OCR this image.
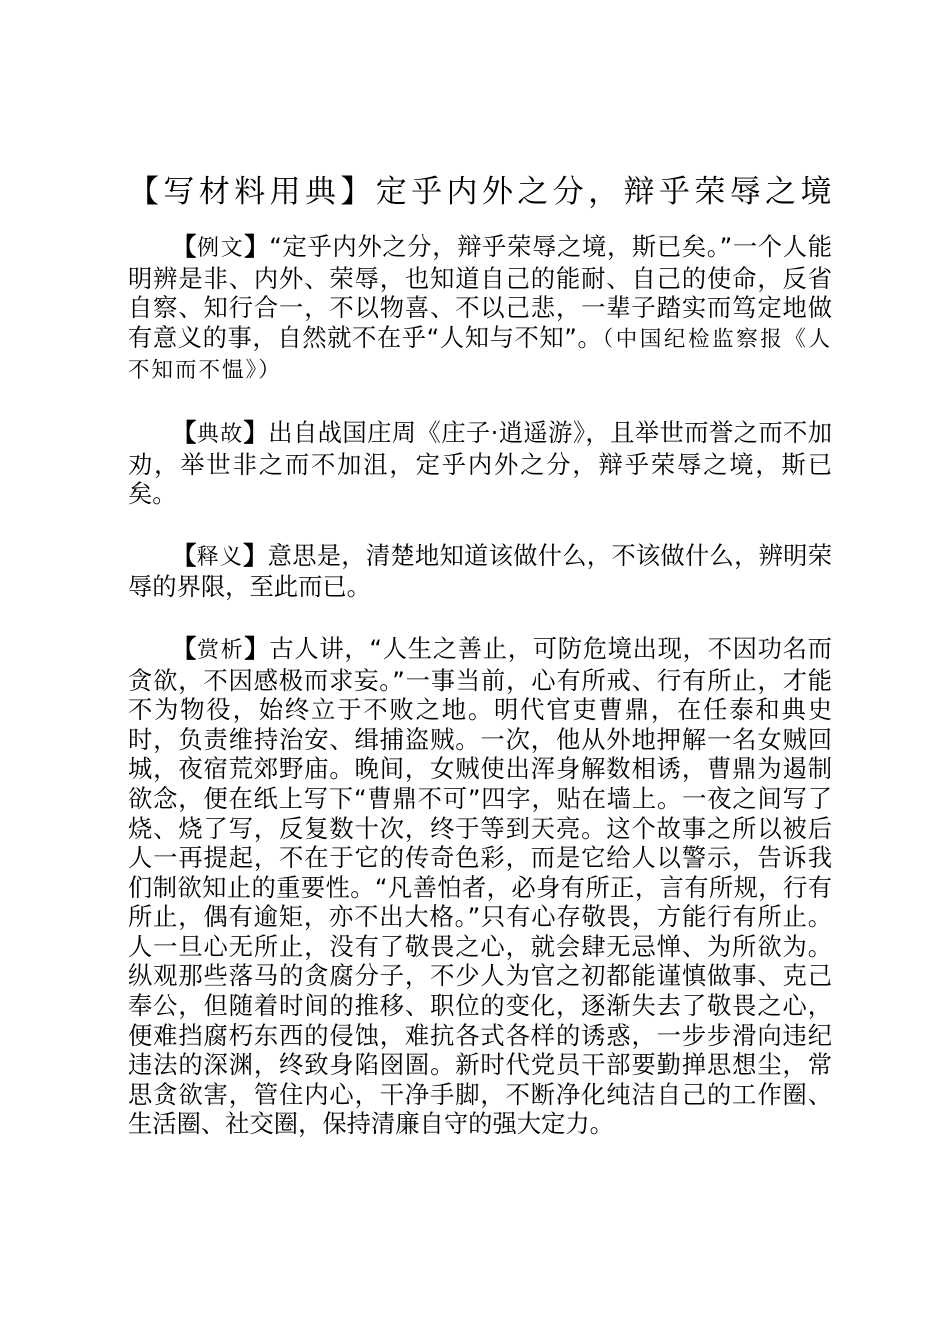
【写材料用典】定乎内外之分，辩乎荣辱之境

【例文】“定乎内外之分，辩乎荣辱之境，斯已矣。”一个人能明辨是非、内外、荣辱，也知道自己的能耐、自己的使命，反省自察、知行合一，不以物喜、不以己悲，一辈子踏实而笃定地做有意义的事，自然就不在乎“人知与不知”。（中国纪检监察报《人不知而不愠》）

【典故】出自战国庄周《庄子·逍遥游》，且举世而誉之而不加劝，举世非之而不加沮，定乎内外之分，辩乎荣辱之境，斯已矣。

【释义】意思是，清楚地知道该做什么，不该做什么，辨明荣辱的界限，至此而已。

【赏析】古人讲，“人生之善止，可防危境出现，不因功名而贪欲，不因感极而求妄。”一事当前，心有所戒、行有所止，才能不为物役，始终立于不败之地。明代官吏曹鼎，在任泰和典史时，负责维持治安、缉捕盗贼。一次，他从外地押解一名女贼回城，夜宿荒郊野庙。晚间，女贼使出浑身解数相诱，曹鼎为遏制欲念，便在纸上写下“曹鼎不可”四字，贴在墙上。一夜之间写了烧、烧了写，反复数十次，终于等到天亮。这个故事之所以被后人一再提起，不在于它的传奇色彩，而是它给人以警示，告诉我们制欲知止的重要性。“凡善怕者，必身有所正，言有所规，行有所止，偶有逾矩，亦不出大格。”只有心存敬畏，方能行有所止。人一旦心无所止，没有了敬畏之心，就会肆无忌惮、为所欲为。纵观那些落马的贪腐分子，不少人为官之初都能谨慎做事、克己奉公，但随着时间的推移、职位的变化，逐渐失去了敬畏之心，便难挡腐朽东西的侵蚀，难抗各式各样的诱惑，一步步滑向违纪违法的深渊，终致身陷囹圄。新时代党员干部要勤掸思想尘，常思贪欲害，管住内心，干净手脚，不断净化纯洁自己的工作圈、生活圈、社交圈，保持清廉自守的强大定力。
